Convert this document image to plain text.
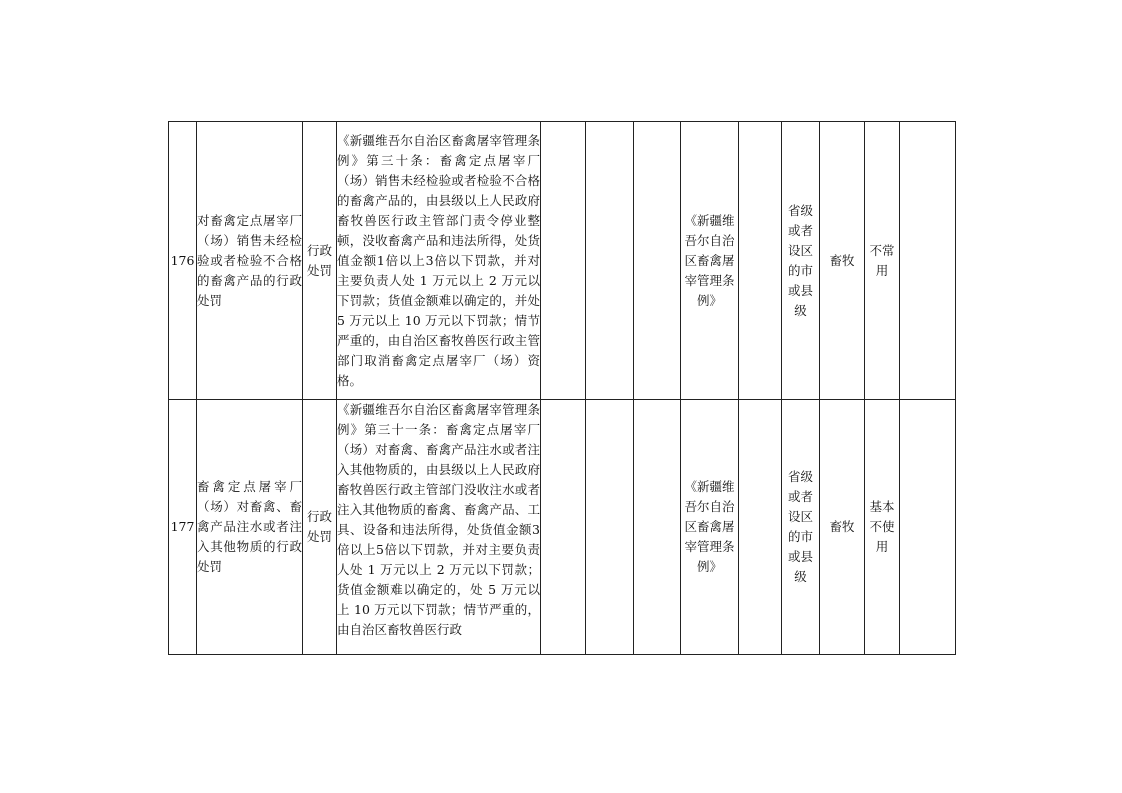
176	对畜禽定点屠宰厂（场）销售未经检验或者检验不合格的畜禽产品的行政处罚	行政处罚	《新疆维吾尔自治区畜禽屠宰管理条例》第三十条：畜禽定点屠宰厂（场）销售未经检验或者检验不合格的畜禽产品的，由县级以上人民政府畜牧兽医行政主管部门责令停业整顿，没收畜禽产品和违法所得，处货值金额1倍以上3倍以下罚款，并对主要负责人处 1 万元以上 2 万元以下罚款；货值金额难以确定的，并处 5 万元以上 10 万元以下罚款；情节严重的，由自治区畜牧兽医行政主管部门取消畜禽定点屠宰厂（场）资格。				《新疆维吾尔自治区畜禽屠宰管理条例》		省级或者设区的市或县级	畜牧	不常用	
177	畜禽定点屠宰厂（场）对畜禽、畜禽产品注水或者注入其他物质的行政处罚	行政处罚	《新疆维吾尔自治区畜禽屠宰管理条例》第三十一条：畜禽定点屠宰厂（场）对畜禽、畜禽产品注水或者注入其他物质的，由县级以上人民政府畜牧兽医行政主管部门没收注水或者注入其他物质的畜禽、畜禽产品、工具、设备和违法所得，处货值金额3倍以上5倍以下罚款，并对主要负责人处 1 万元以上 2 万元以下罚款；货值金额难以确定的，处 5 万元以上 10 万元以下罚款；情节严重的，由自治区畜牧兽医行政				《新疆维吾尔自治区畜禽屠宰管理条例》		省级或者设区的市或县级	畜牧	基本不使用	
